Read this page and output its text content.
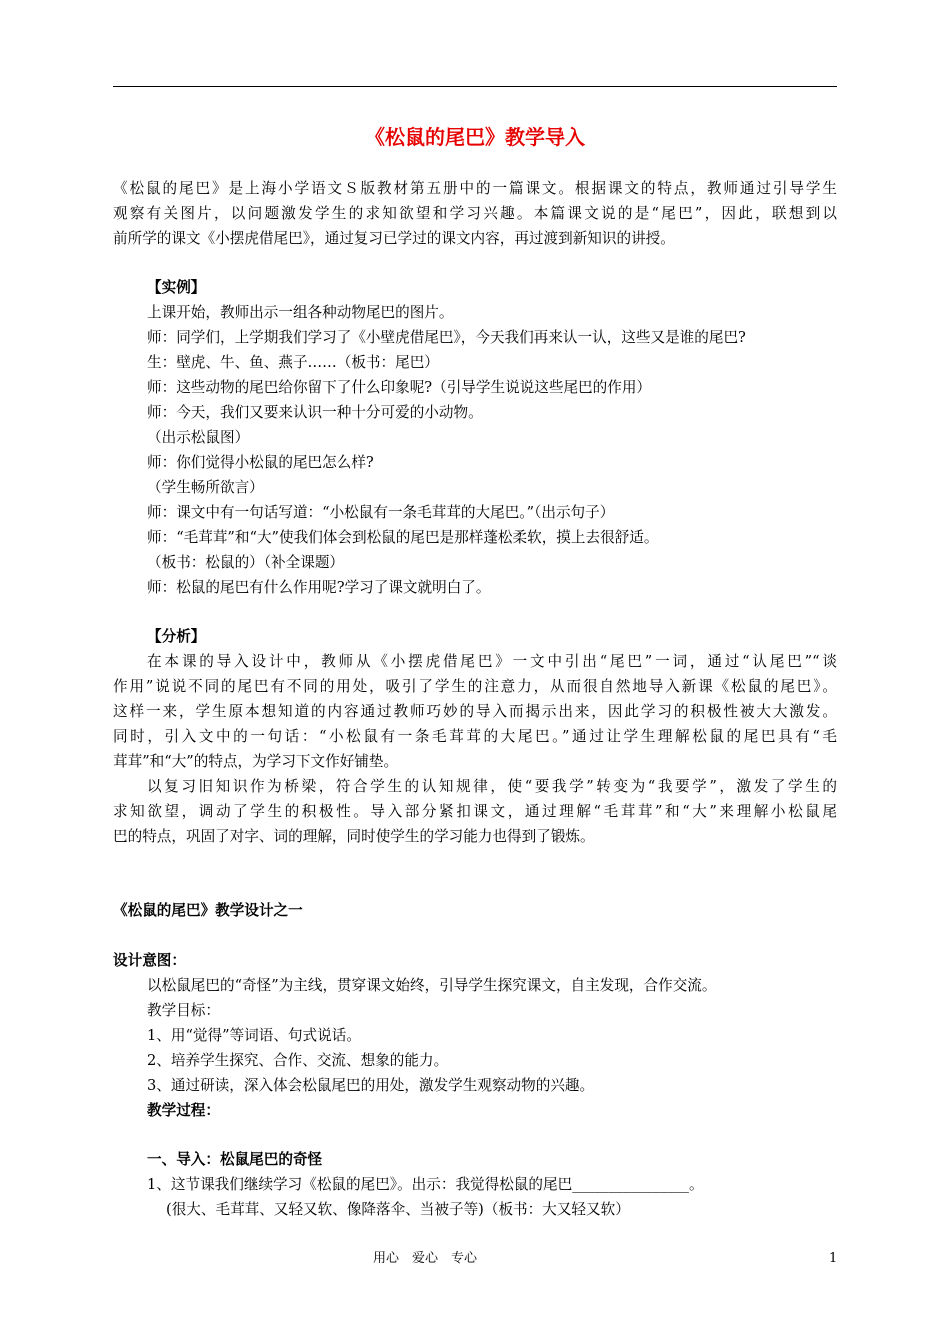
《松鼠的尾巴》教学导入
《松鼠的尾巴》是上海小学语文Ｓ版教材第五册中的一篇课文。根据课文的特点，教师通过引导学生
观察有关图片，以问题激发学生的求知欲望和学习兴趣。本篇课文说的是“尾巴”，因此，联想到以
前所学的课文《小摆虎借尾巴》，通过复习已学过的课文内容，再过渡到新知识的讲授。
【实例】
上课开始，教师出示一组各种动物尾巴的图片。
师：同学们，上学期我们学习了《小壁虎借尾巴》，今天我们再来认一认，这些又是谁的尾巴?
生：壁虎、牛、鱼、燕子……（板书：尾巴）
师：这些动物的尾巴给你留下了什么印象呢?（引导学生说说这些尾巴的作用）
师：今天，我们又要来认识一种十分可爱的小动物。
（出示松鼠图）
师：你们觉得小松鼠的尾巴怎么样?
（学生畅所欲言）
师：课文中有一句话写道：“小松鼠有一条毛茸茸的大尾巴。”（出示句子）
师：“毛茸茸”和“大”使我们体会到松鼠的尾巴是那样蓬松柔软，摸上去很舒适。
（板书：松鼠的）（补全课题）
师：松鼠的尾巴有什么作用呢?学习了课文就明白了。
【分析】
在本课的导入设计中，教师从《小摆虎借尾巴》一文中引出“尾巴”一词，通过“认尾巴”“谈
作用”说说不同的尾巴有不同的用处，吸引了学生的注意力，从而很自然地导入新课《松鼠的尾巴》。
这样一来，学生原本想知道的内容通过教师巧妙的导入而揭示出来，因此学习的积极性被大大激发。
同时，引入文中的一句话：“小松鼠有一条毛茸茸的大尾巴。”通过让学生理解松鼠的尾巴具有“毛
茸茸”和“大”的特点，为学习下文作好铺垫。
以复习旧知识作为桥梁，符合学生的认知规律，使“要我学”转变为“我要学”，激发了学生的
求知欲望，调动了学生的积极性。导入部分紧扣课文，通过理解“毛茸茸”和“大”来理解小松鼠尾
巴的特点，巩固了对字、词的理解，同时使学生的学习能力也得到了锻炼。
《松鼠的尾巴》教学设计之一
设计意图：
以松鼠尾巴的“奇怪”为主线，贯穿课文始终，引导学生探究课文，自主发现，合作交流。
教学目标：
1、用“觉得”等词语、句式说话。
2、培养学生探究、合作、交流、想象的能力。
3、通过研读，深入体会松鼠尾巴的用处，激发学生观察动物的兴趣。
教学过程：
一、导入：松鼠尾巴的奇怪
1、这节课我们继续学习《松鼠的尾巴》。出示：我觉得松鼠的尾巴________________。
(很大、毛茸茸、又轻又软、像降落伞、当被子等)（板书：大又轻又软）
用心　爱心　专心	1
